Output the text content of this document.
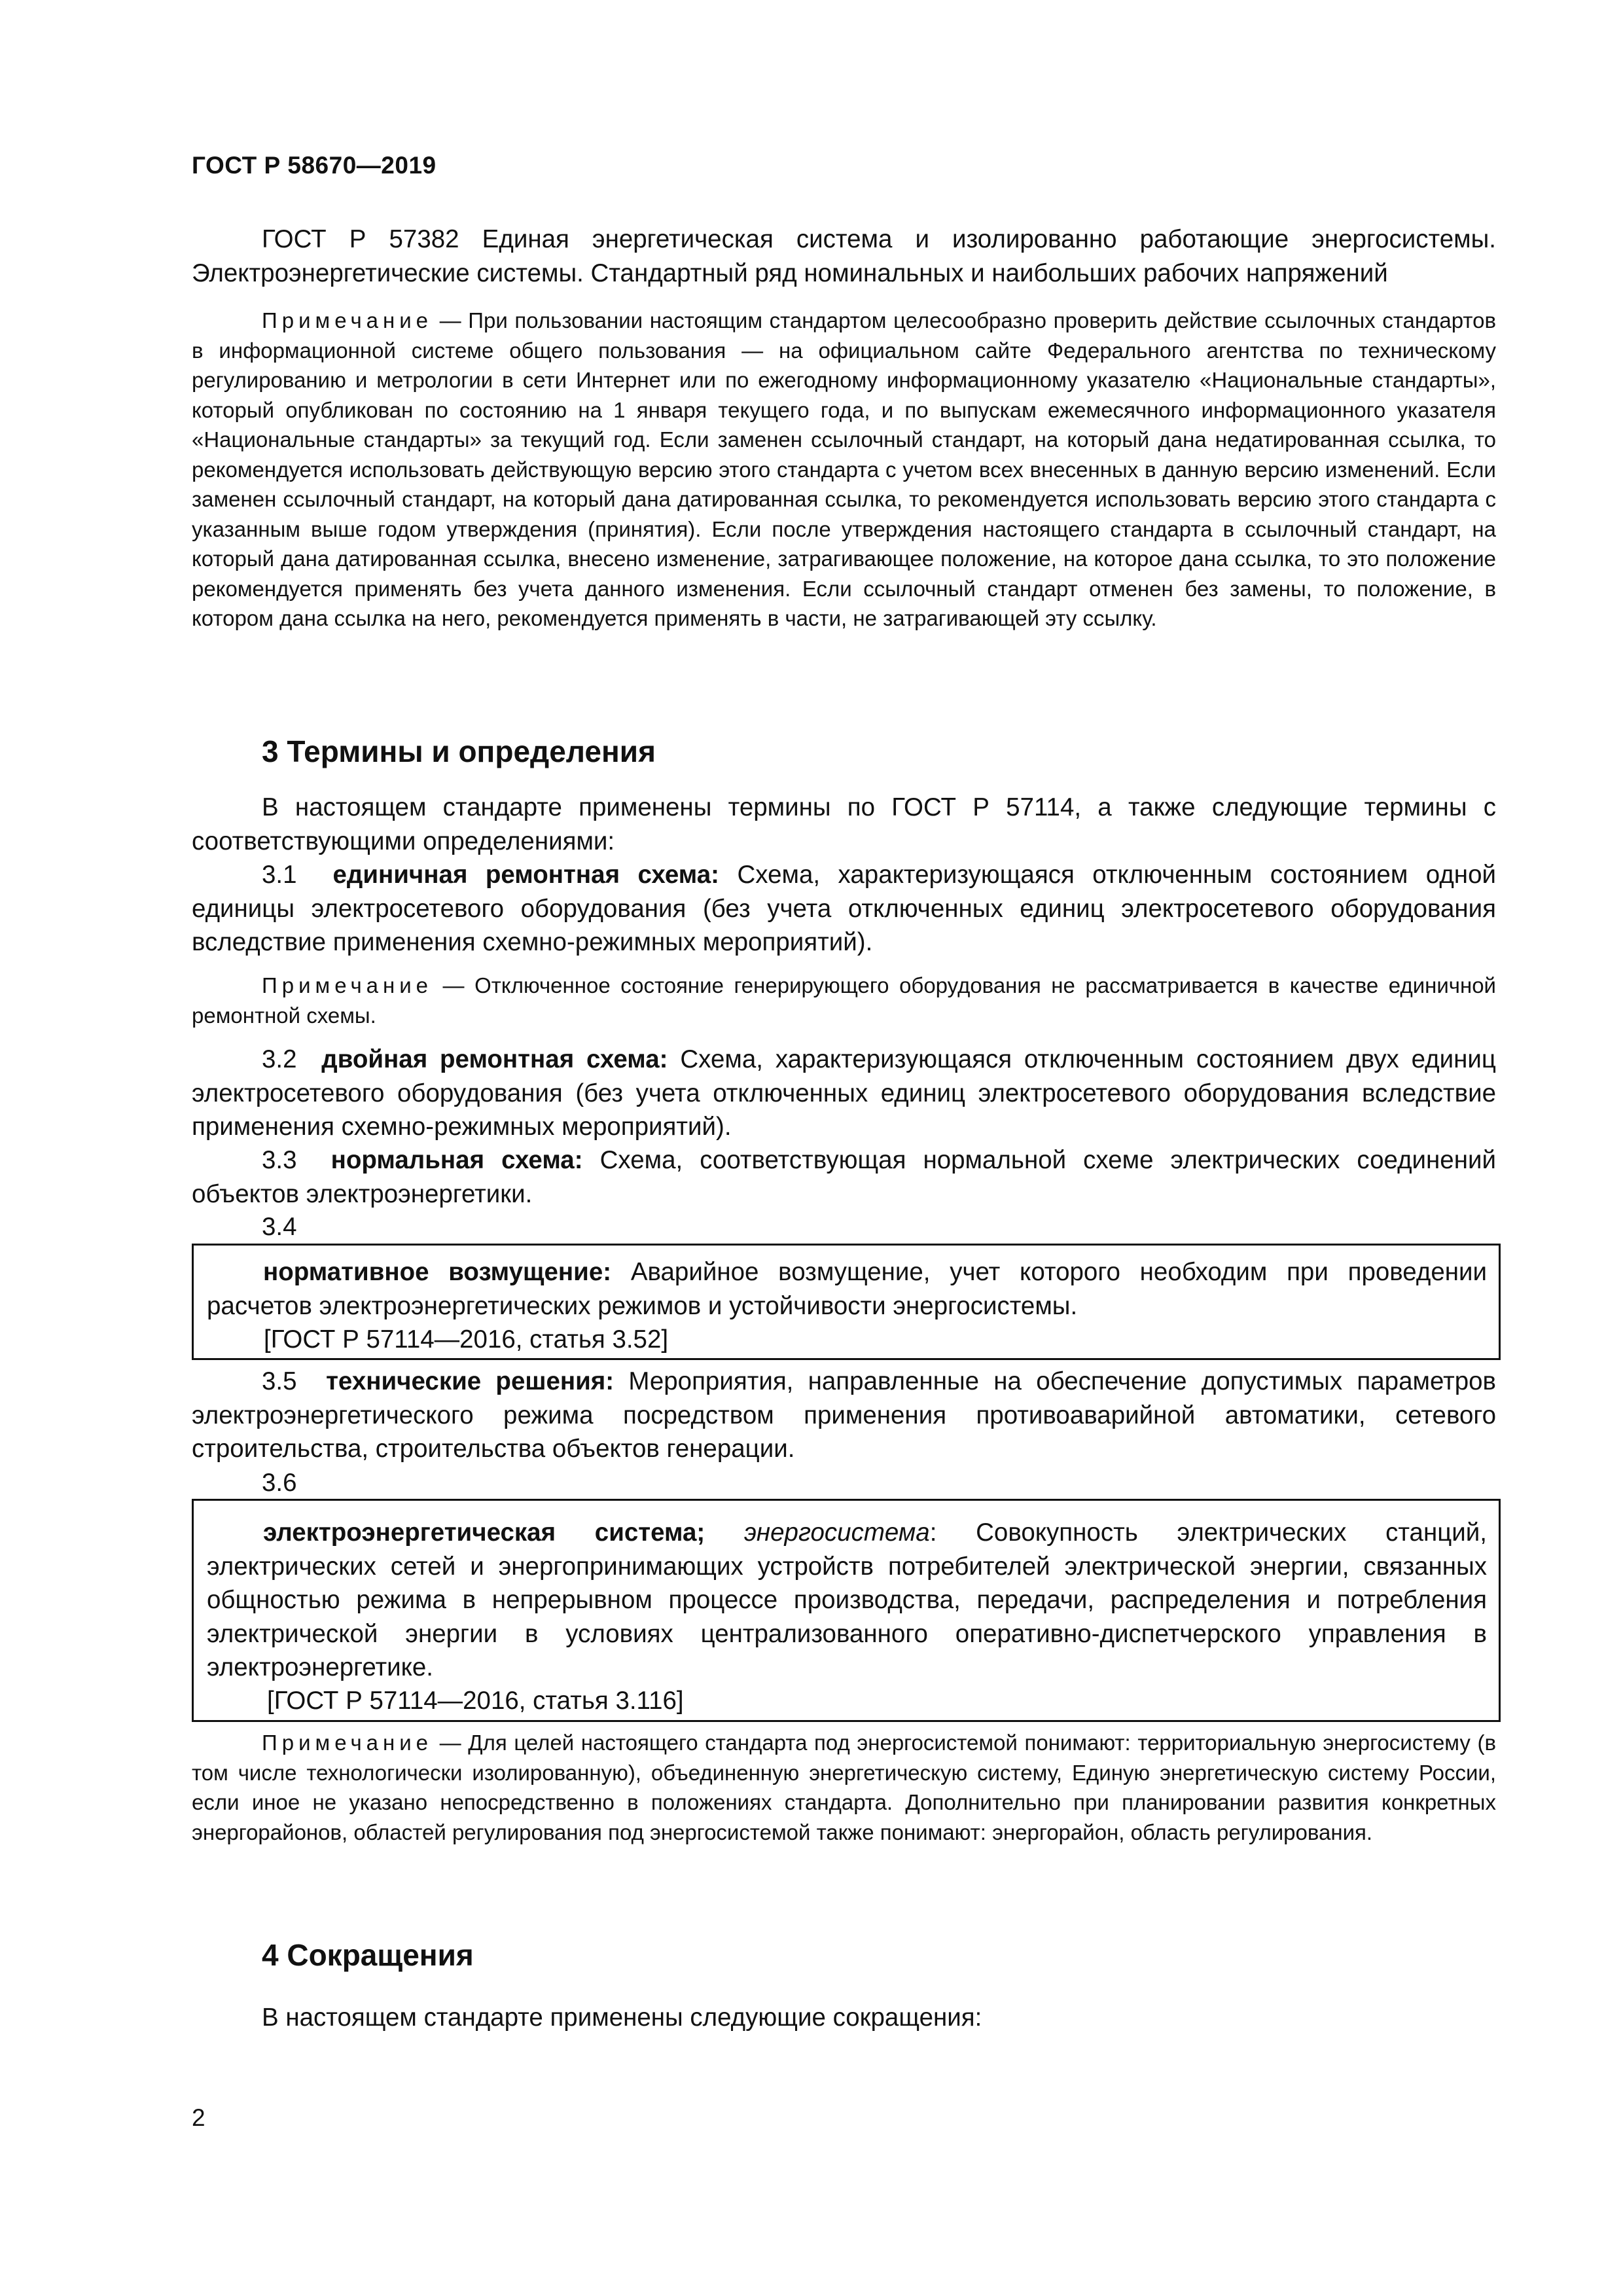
ГОСТ Р 58670—2019

ГОСТ Р 57382 Единая энергетическая система и изолированно работающие энергосистемы. Электроэнергетические системы. Стандартный ряд номинальных и наибольших рабочих напряжений

Примечание — При пользовании настоящим стандартом целесообразно проверить действие ссылочных стандартов в информационной системе общего пользования — на официальном сайте Федерального агентства по техническому регулированию и метрологии в сети Интернет или по ежегодному информационному указателю «Национальные стандарты», который опубликован по состоянию на 1 января текущего года, и по выпускам ежемесячного информационного указателя «Национальные стандарты» за текущий год. Если заменен ссылочный стандарт, на который дана недатированная ссылка, то рекомендуется использовать действующую версию этого стандарта с учетом всех внесенных в данную версию изменений. Если заменен ссылочный стандарт, на который дана датированная ссылка, то рекомендуется использовать версию этого стандарта с указанным выше годом утверждения (принятия). Если после утверждения настоящего стандарта в ссылочный стандарт, на который дана датированная ссылка, внесено изменение, затрагивающее положение, на которое дана ссылка, то это положение рекомендуется применять без учета данного изменения. Если ссылочный стандарт отменен без замены, то положение, в котором дана ссылка на него, рекомендуется применять в части, не затрагивающей эту ссылку.

3 Термины и определения

В настоящем стандарте применены термины по ГОСТ Р 57114, а также следующие термины с соответствующими определениями:

3.1 единичная ремонтная схема: Схема, характеризующаяся отключенным состоянием одной единицы электросетевого оборудования (без учета отключенных единиц электросетевого оборудования вследствие применения схемно-режимных мероприятий).

Примечание — Отключенное состояние генерирующего оборудования не рассматривается в качестве единичной ремонтной схемы.

3.2 двойная ремонтная схема: Схема, характеризующаяся отключенным состоянием двух единиц электросетевого оборудования (без учета отключенных единиц электросетевого оборудования вследствие применения схемно-режимных мероприятий).

3.3 нормальная схема: Схема, соответствующая нормальной схеме электрических соединений объектов электроэнергетики.

3.4

нормативное возмущение: Аварийное возмущение, учет которого необходим при проведении расчетов электроэнергетических режимов и устойчивости энергосистемы.

[ГОСТ Р 57114—2016, статья 3.52]

3.5 технические решения: Мероприятия, направленные на обеспечение допустимых параметров электроэнергетического режима посредством применения противоаварийной автоматики, сетевого строительства, строительства объектов генерации.

3.6

электроэнергетическая система; энергосистема: Совокупность электрических станций, электрических сетей и энергопринимающих устройств потребителей электрической энергии, связанных общностью режима в непрерывном процессе производства, передачи, распределения и потребления электрической энергии в условиях централизованного оперативно-диспетчерского управления в электроэнергетике.

[ГОСТ Р 57114—2016, статья 3.116]

Примечание — Для целей настоящего стандарта под энергосистемой понимают: территориальную энергосистему (в том числе технологически изолированную), объединенную энергетическую систему, Единую энергетическую систему России, если иное не указано непосредственно в положениях стандарта. Дополнительно при планировании развития конкретных энергорайонов, областей регулирования под энергосистемой также понимают: энергорайон, область регулирования.

4 Сокращения

В настоящем стандарте применены следующие сокращения:

2
